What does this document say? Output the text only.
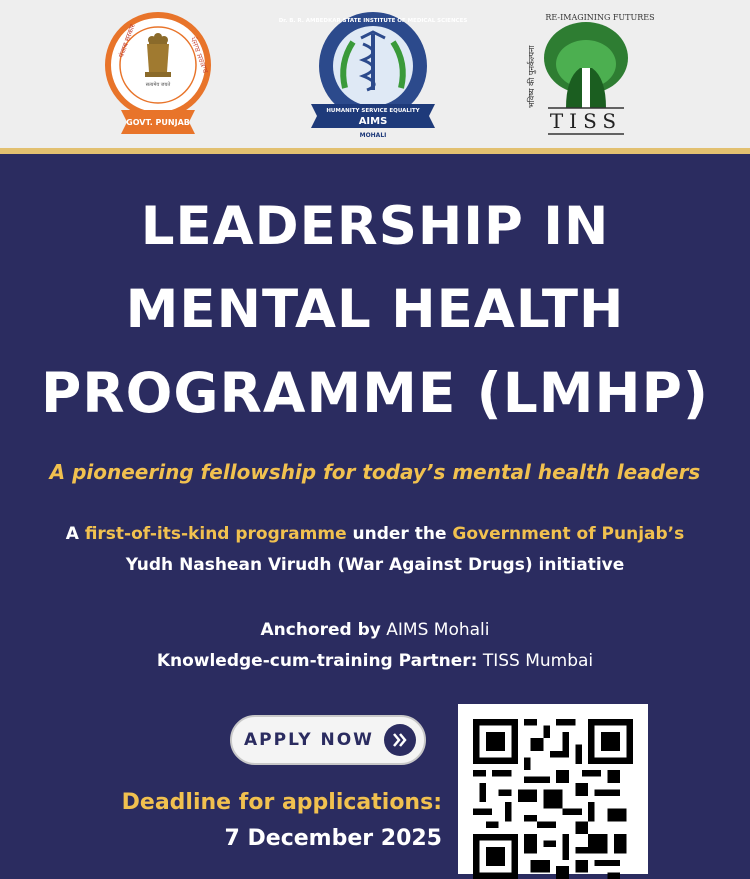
पंजाब सरकार	ਪੰਜਾਬ ਸਰਕਾਰ
सत्यमेव जयते
GOVT. PUNJAB
Dr. B. R. AMBEDKAR STATE INSTITUTE OF MEDICAL SCIENCES
HUMANITY SERVICE EQUALITY
AIMS
MOHALI
RE-IMAGINING FUTURES
भविष्य की पुनर्कल्पना
TISS
LEADERSHIP IN
MENTAL HEALTH
PROGRAMME (LMHP)
A pioneering fellowship for today’s mental health leaders
A first-of-its-kind programme under the Government of Punjab’s
Yudh Nashean Virudh (War Against Drugs) initiative
Anchored by AIMS Mohali
Knowledge-cum-training Partner: TISS Mumbai
APPLY NOW
Deadline for applications:
7 December 2025
